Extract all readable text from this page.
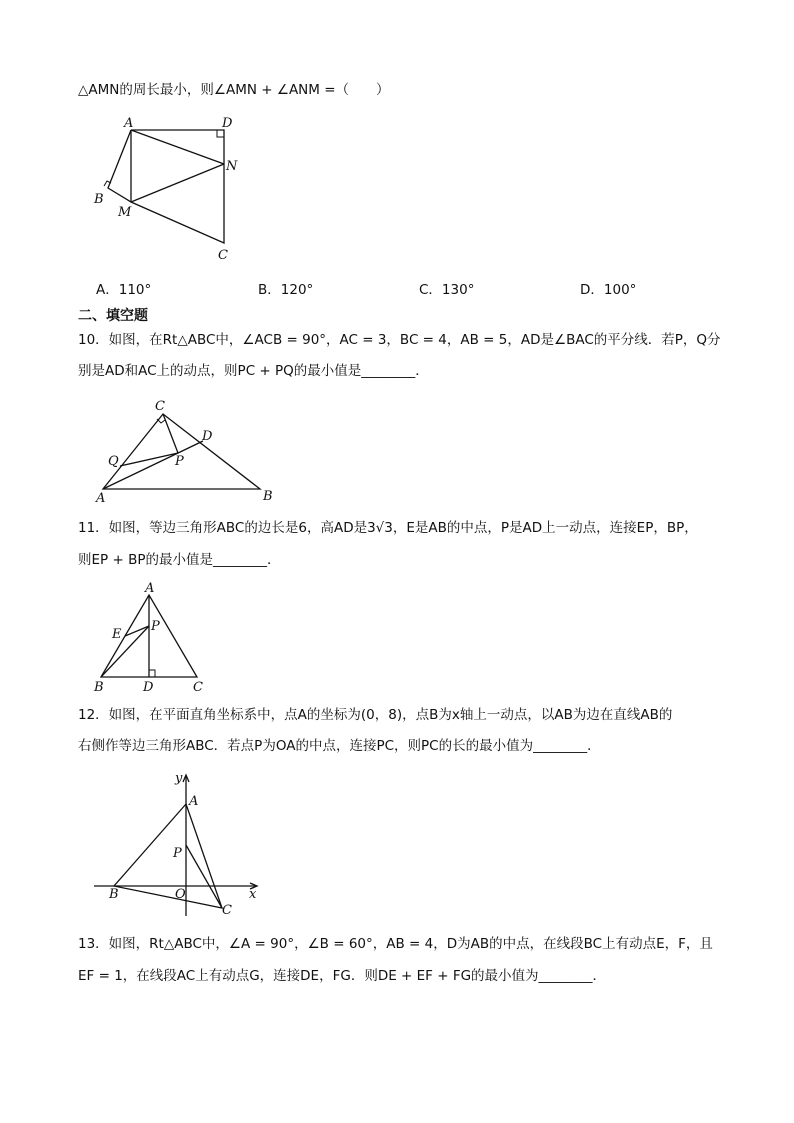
△AMN的周长最小，则∠AMN + ∠ANM =（　　）
A	D
N
B
M
C
A．110°	B．120°	C．130°	D．100°
二、填空题
10．如图，在Rt△ABC中，∠ACB = 90°，AC = 3，BC = 4，AB = 5，AD是∠BAC的平分线．若P，Q分
别是AD和AC上的动点，则PC + PQ的最小值是________．
C
D
Q	P
A	B
11．如图，等边三角形ABC的边长是6，高AD是3√3，E是AB的中点，P是AD上一动点，连接EP，BP，
则EP + BP的最小值是________．
A
E
P
B	D	C
12．如图，在平面直角坐标系中，点A的坐标为(0，8)，点B为x轴上一动点，以AB为边在直线AB的
右侧作等边三角形ABC．若点P为OA的中点，连接PC，则PC的长的最小值为________．
y
A
P
B	O	x
C
13．如图，Rt△ABC中，∠A = 90°，∠B = 60°，AB = 4，D为AB的中点，在线段BC上有动点E，F，且
EF = 1，在线段AC上有动点G，连接DE，FG．则DE + EF + FG的最小值为________．
